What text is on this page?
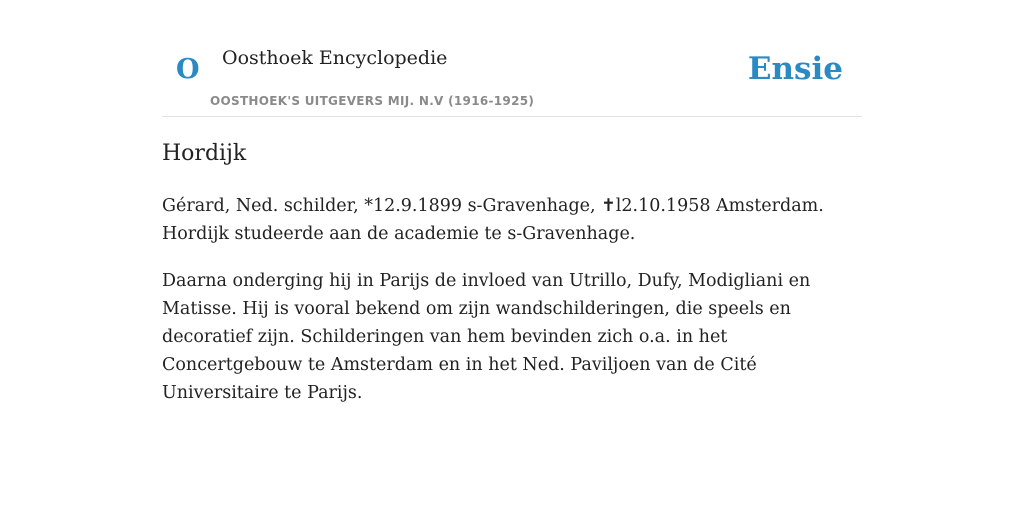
O Oosthoek Encyclopedie
OOSTHOEK'S UITGEVERS MIJ. N.V (1916-1925)
Ensie
Hordijk

Gérard, Ned. schilder, *12.9.1899 s-Gravenhage, ✝l2.10.1958 Amsterdam. Hordijk studeerde aan de academie te s-Gravenhage.

Daarna onderging hij in Parijs de invloed van Utrillo, Dufy, Modigliani en Matisse. Hij is vooral bekend om zijn wandschilderingen, die speels en decoratief zijn. Schilderingen van hem bevinden zich o.a. in het Concertgebouw te Amsterdam en in het Ned. Paviljoen van de Cité Universitaire te Parijs.
